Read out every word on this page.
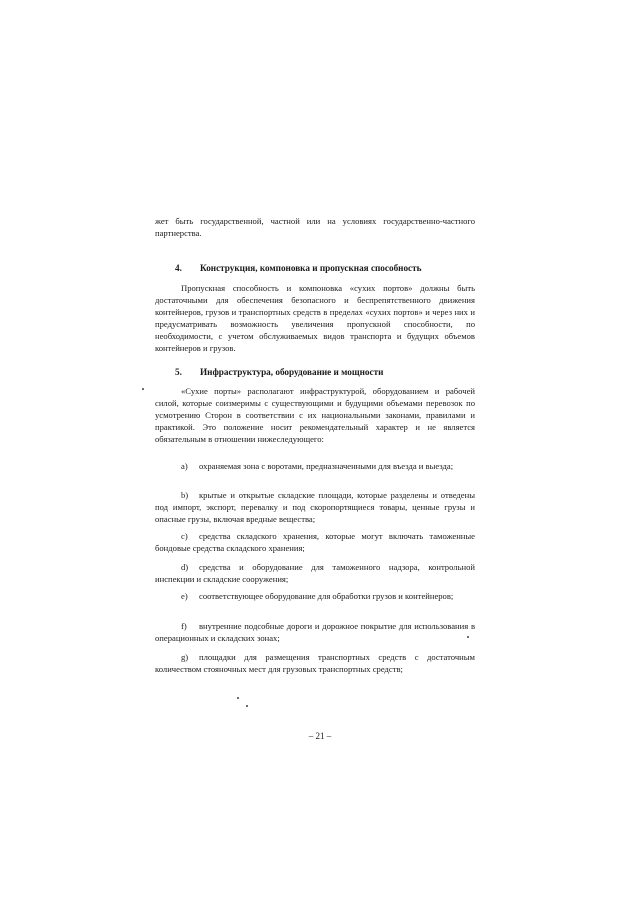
жет быть государственной, частной или на условиях государственно-частного партнерства.

4. Конструкция, компоновка и пропускная способность

Пропускная способность и компоновка «сухих портов» должны быть достаточными для обеспечения безопасного и беспрепятственного движения контейнеров, грузов и транспортных средств в пределах «сухих портов» и через них и предусматривать возможность увеличения пропускной способности, по необходимости, с учетом обслуживаемых видов транспорта и будущих объемов контейнеров и грузов.

5. Инфраструктура, оборудование и мощности

«Сухие порты» располагают инфраструктурой, оборудованием и рабочей силой, которые соизмеримы с существующими и будущими объемами перевозок по усмотрению Сторон в соответствии с их национальными законами, правилами и практикой. Это положение носит рекомендательный характер и не является обязательным в отношении нижеследующего:

a) охраняемая зона с воротами, предназначенными для въезда и выезда;
b) крытые и открытые складские площади, которые разделены и отведены под импорт, экспорт, перевалку и под скоропортящиеся товары, ценные грузы и опасные грузы, включая вредные вещества;
c) средства складского хранения, которые могут включать таможенные бондовые средства складского хранения;
d) средства и оборудование для таможенного надзора, контрольной инспекции и складские сооружения;
e) соответствующее оборудование для обработки грузов и контейнеров;
f) внутренние подсобные дороги и дорожное покрытие для использования в операционных и складских зонах;
g) площадки для размещения транспортных средств с достаточным количеством стояночных мест для грузовых транспортных средств;
– 21 –
